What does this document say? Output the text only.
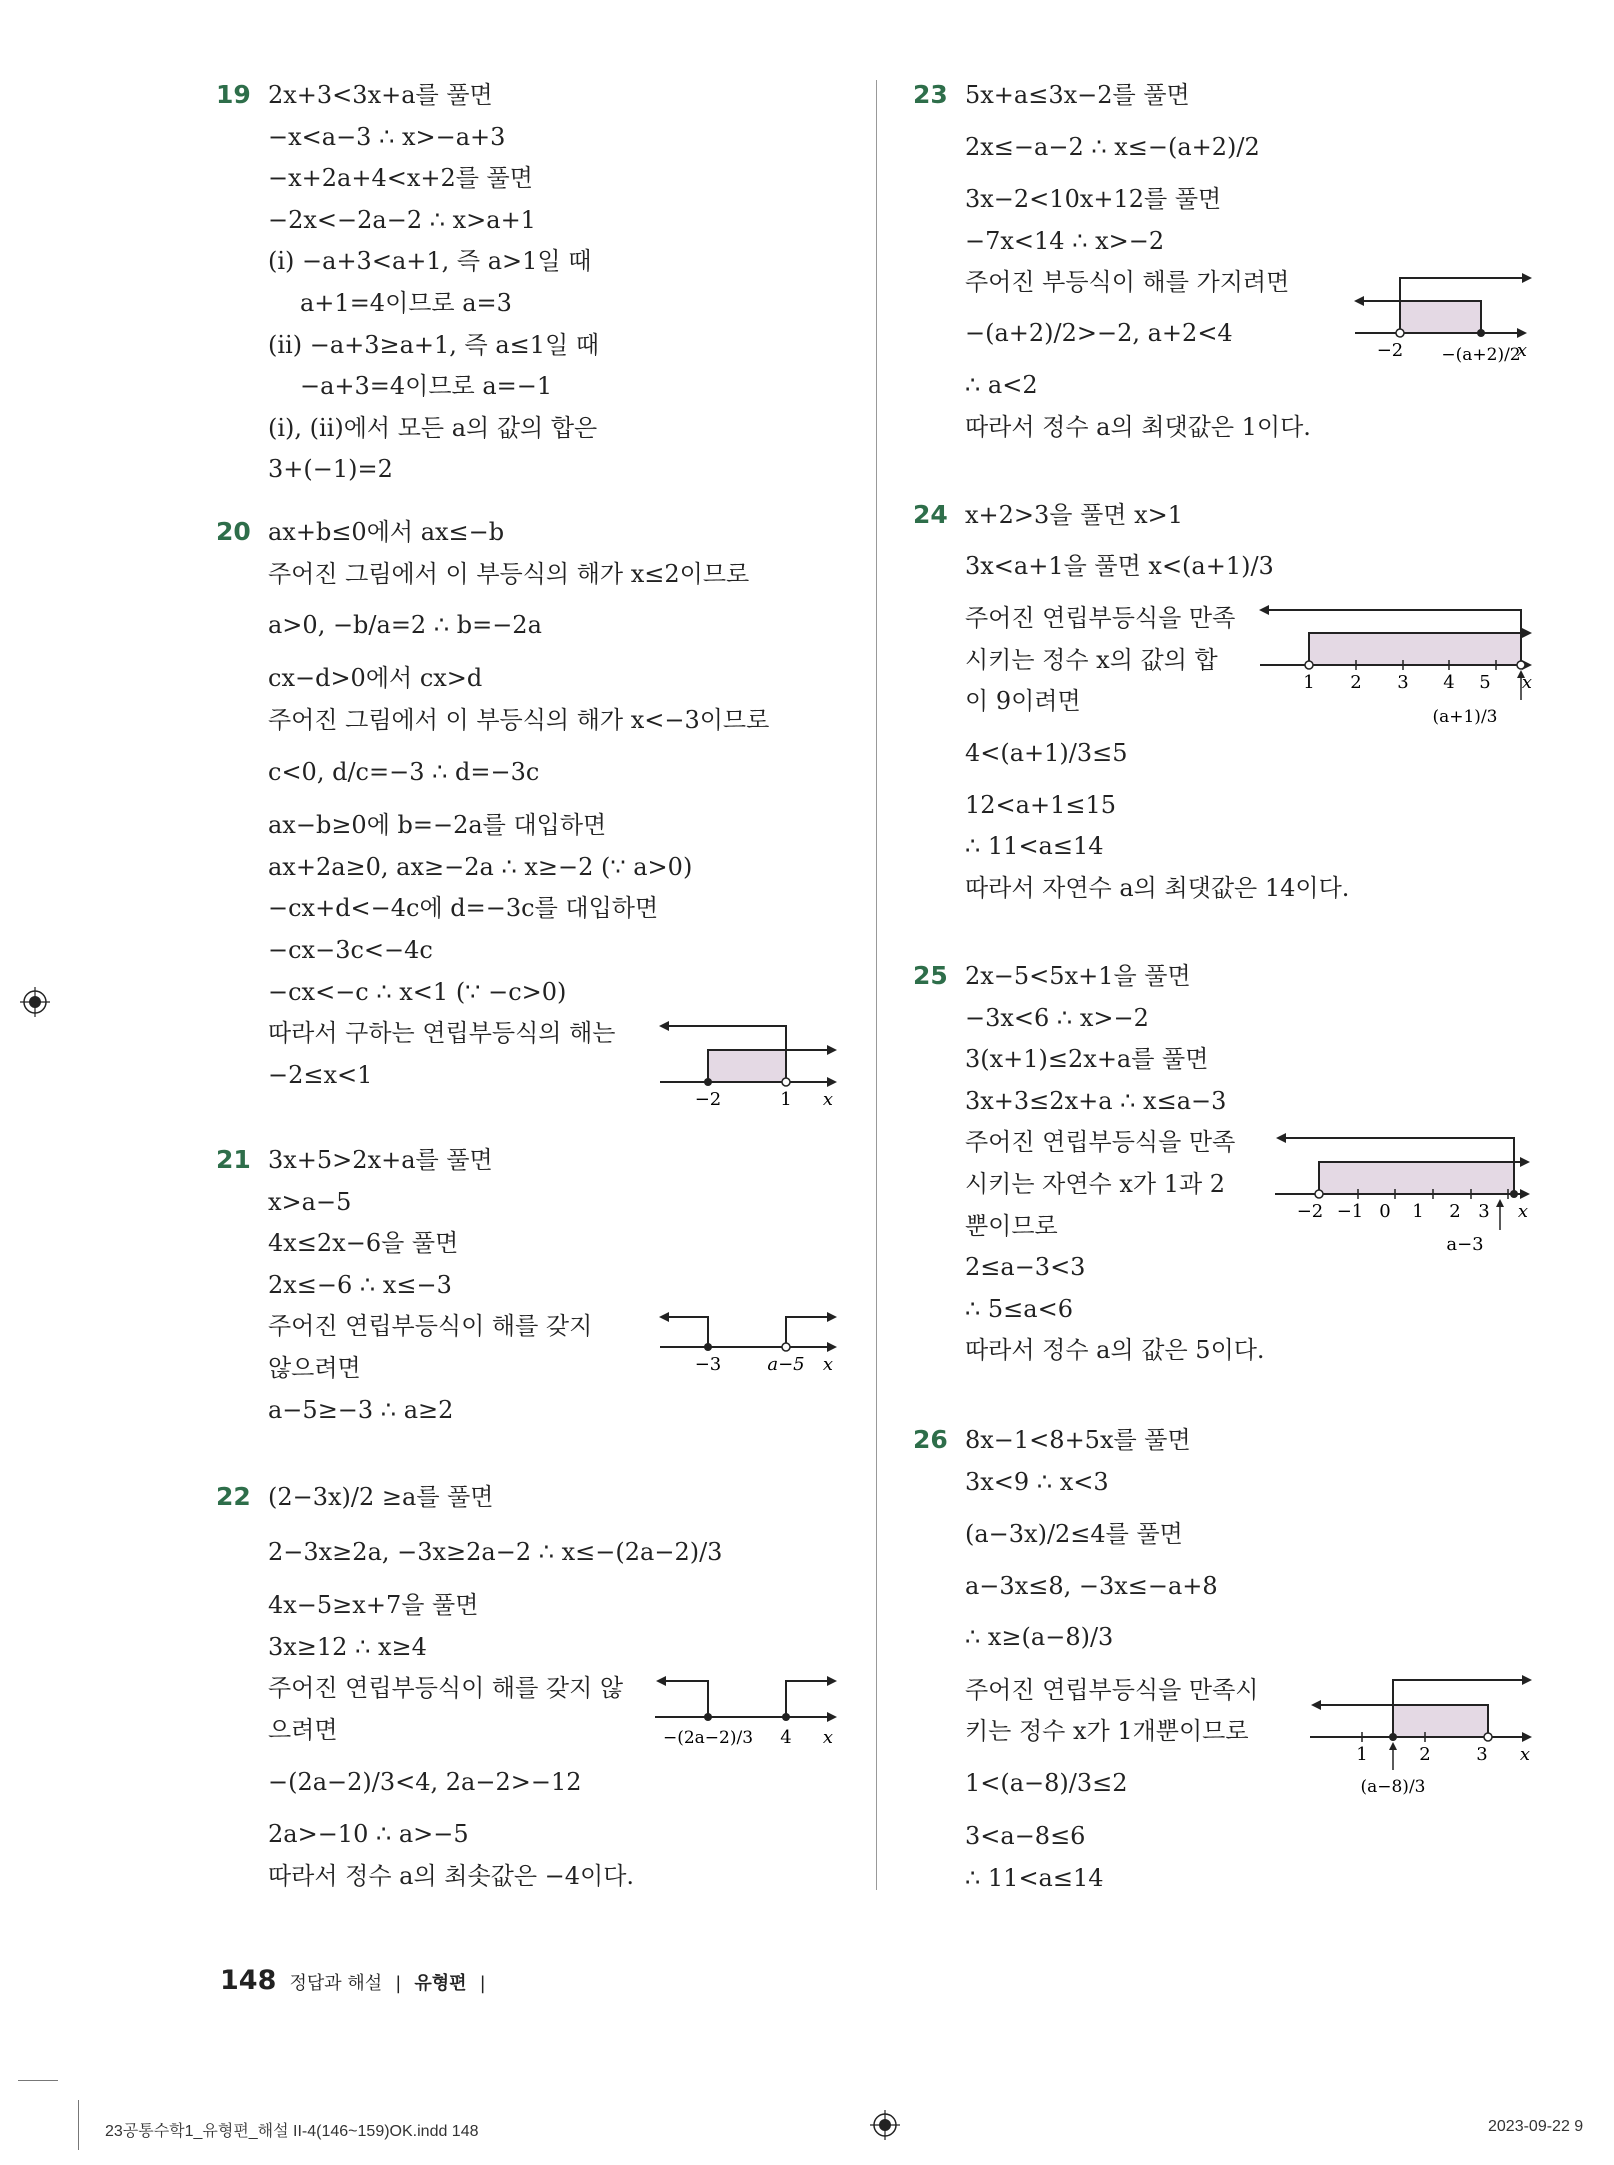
19 2x+3<3x+a를 풀면
−x<a−3 ∴ x>−a+3
−x+2a+4<x+2를 풀면
−2x<−2a−2 ∴ x>a+1
(ⅰ) −a+3<a+1, 즉 a>1일 때
a+1=4이므로 a=3
(ⅱ) −a+3≥a+1, 즉 a≤1일 때
−a+3=4이므로 a=−1
(ⅰ), (ⅱ)에서 모든 a의 값의 합은
3+(−1)=2
20 ax+b≤0에서 ax≤−b
주어진 그림에서 이 부등식의 해가 x≤2이므로
a>0, −b/a=2 ∴ b=−2a
cx−d>0에서 cx>d
주어진 그림에서 이 부등식의 해가 x<−3이므로
c<0, d/c=−3 ∴ d=−3c
ax−b≥0에 b=−2a를 대입하면
ax+2a≥0, ax≥−2a ∴ x≥−2 (∵ a>0)
−cx+d<−4c에 d=−3c를 대입하면
−cx−3c<−4c
−cx<−c ∴ x<1 (∵ −c>0)
따라서 구하는 연립부등식의 해는
−2≤x<1
−2	1 x
21 3x+5>2x+a를 풀면
x>a−5
4x≤2x−6을 풀면
2x≤−6 ∴ x≤−3
주어진 연립부등식이 해를 갖지
않으려면
a−5≥−3 ∴ a≥2
−3	a−5 x
22 (2−3x)/2 ≥a를 풀면
2−3x≥2a, −3x≥2a−2 ∴ x≤−(2a−2)/3
4x−5≥x+7을 풀면
3x≥12 ∴ x≥4
주어진 연립부등식이 해를 갖지 않
으려면
−(2a−2)/3<4, 2a−2>−12
2a>−10 ∴ a>−5
따라서 정수 a의 최솟값은 −4이다.
−(2a−2)/3 4 x
23 5x+a≤3x−2를 풀면
2x≤−a−2 ∴ x≤−(a+2)/2
3x−2<10x+12를 풀면
−7x<14 ∴ x>−2
주어진 부등식이 해를 가지려면
−(a+2)/2>−2, a+2<4
∴ a<2
따라서 정수 a의 최댓값은 1이다.
−2 −(a+2)/2
x
24 x+2>3을 풀면 x>1
3x<a+1을 풀면 x<(a+1)/3
주어진 연립부등식을 만족
시키는 정수 x의 값의 합
이 9이려면
4<(a+1)/3≤5
12<a+1≤15
∴ 11<a≤14
따라서 자연수 a의 최댓값은 14이다.
1 2 3 4 5 x
(a+1)/3
25 2x−5<5x+1을 풀면
−3x<6 ∴ x>−2
3(x+1)≤2x+a를 풀면
3x+3≤2x+a ∴ x≤a−3
주어진 연립부등식을 만족
시키는 자연수 x가 1과 2
뿐이므로
2≤a−3<3
∴ 5≤a<6
따라서 정수 a의 값은 5이다.
−2 −1 0 1 2 3 x
a−3
26 8x−1<8+5x를 풀면
3x<9 ∴ x<3
(a−3x)/2≤4를 풀면
a−3x≤8, −3x≤−a+8
∴ x≥(a−8)/3
주어진 연립부등식을 만족시
키는 정수 x가 1개뿐이므로
1<(a−8)/3≤2
3<a−8≤6
∴ 11<a≤14
1	2	3 x
(a−8)/3
148 정답과 해설 | 유형편 |
23공통수학1_유형편_해설 II-4(146~159)OK.indd 148	2023-09-22 9
